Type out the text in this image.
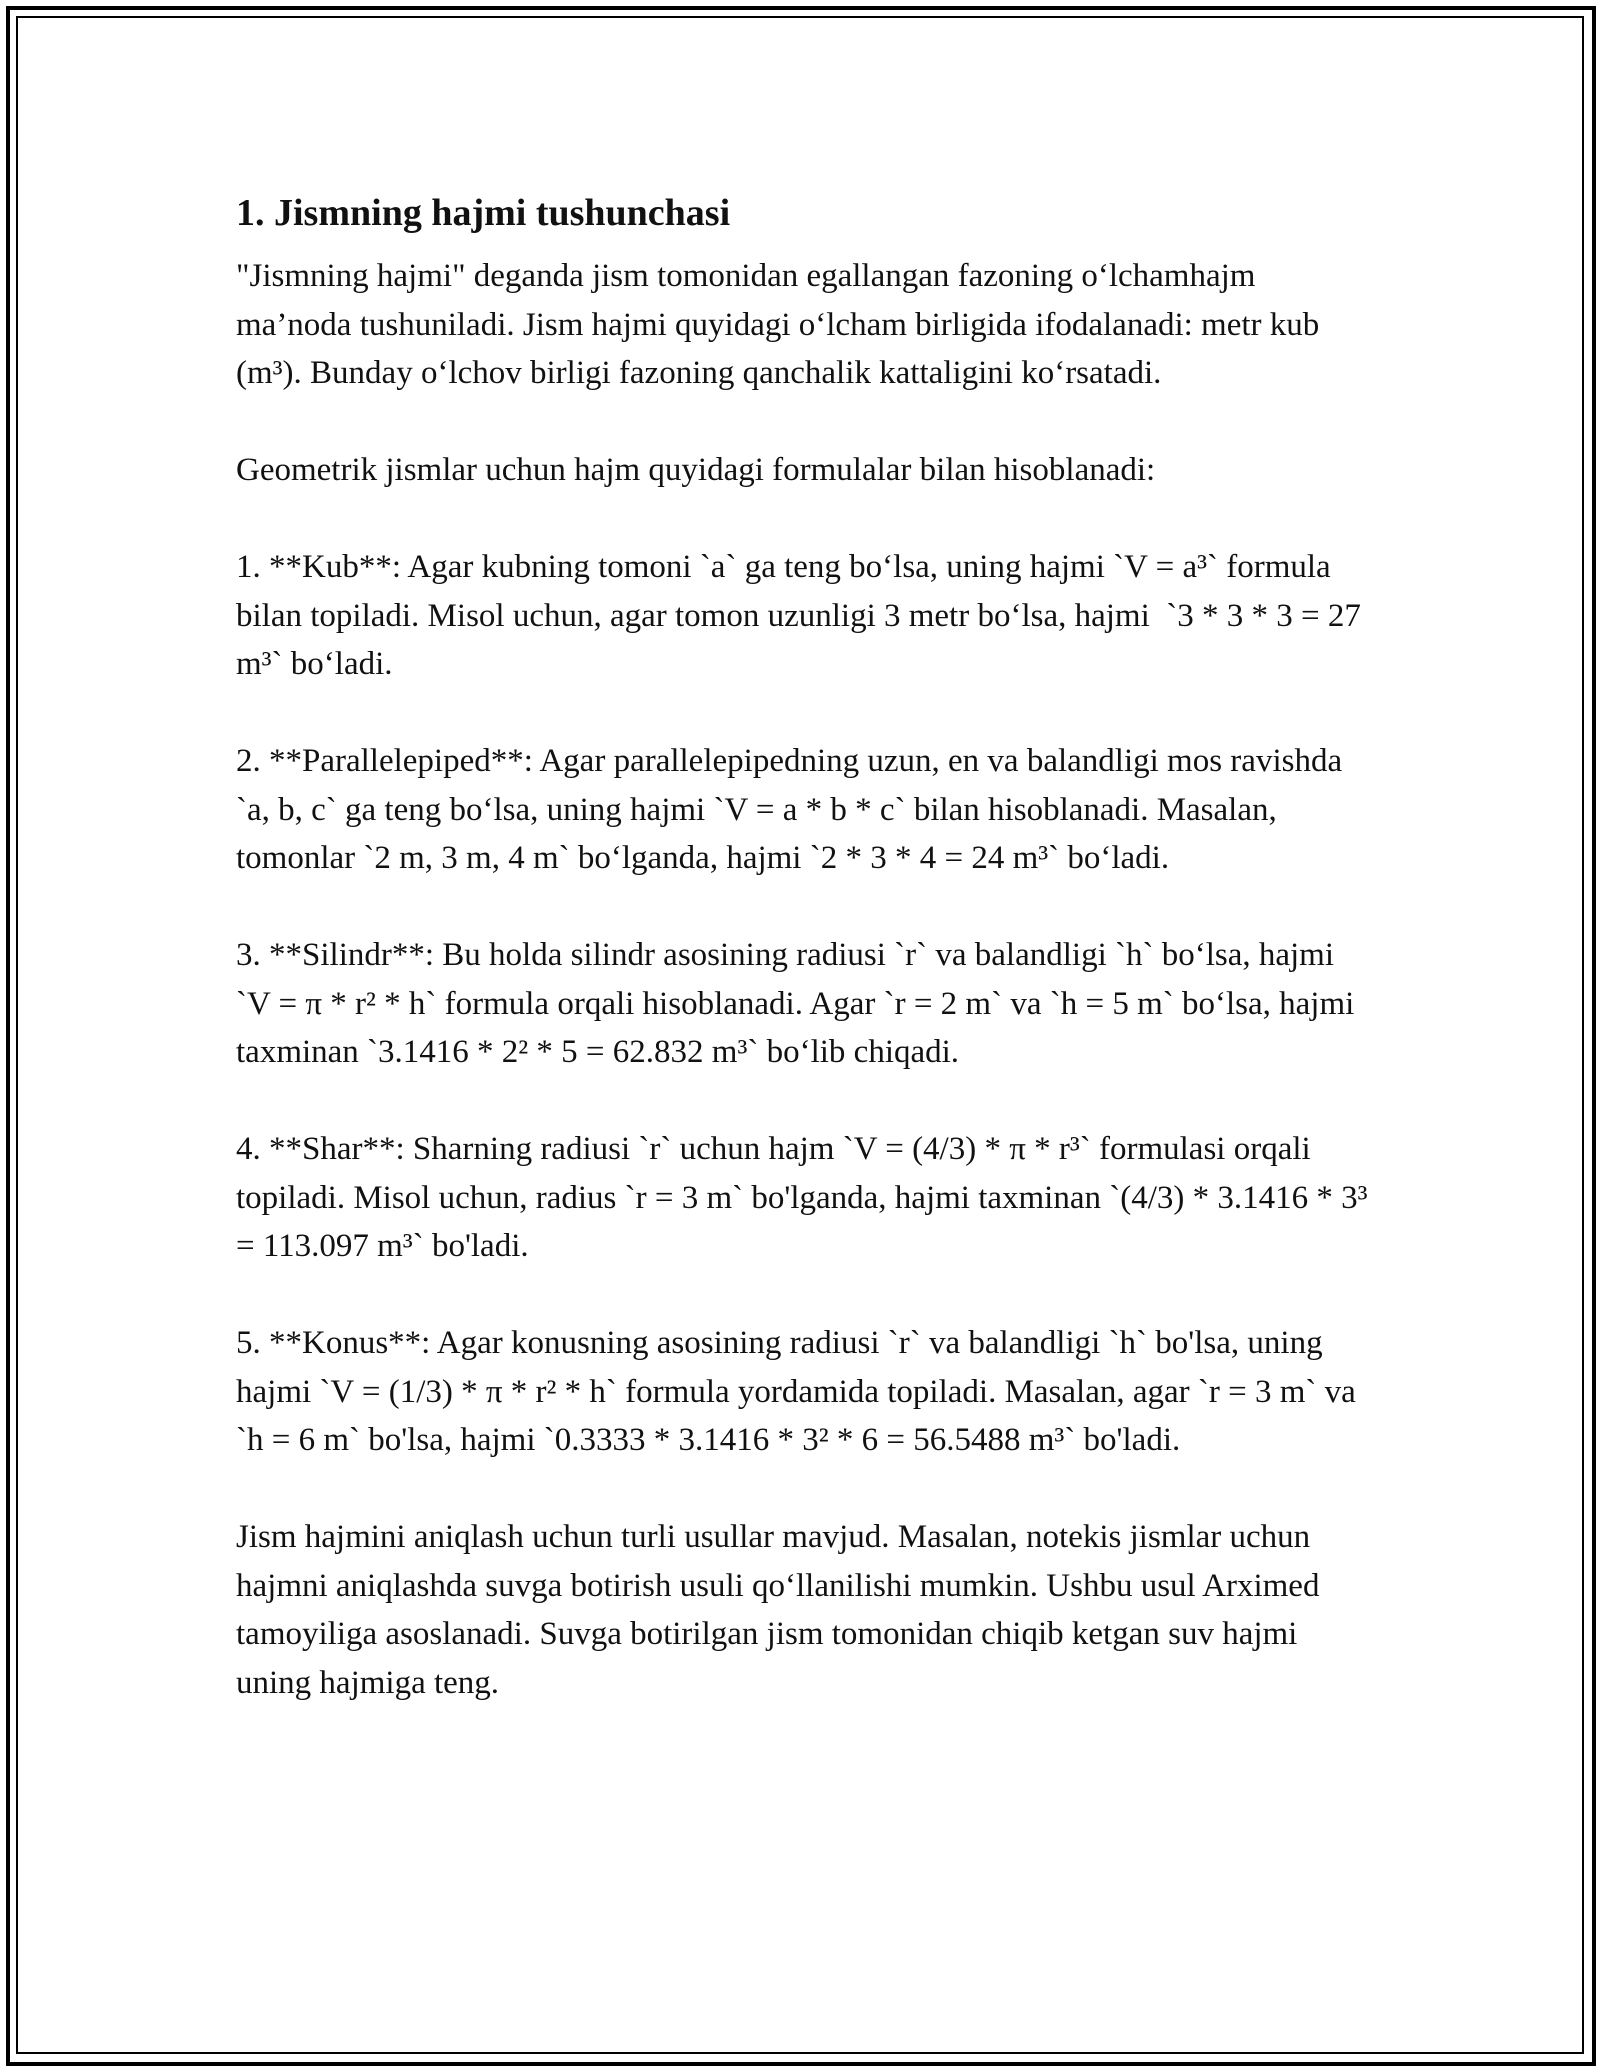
1. Jismning hajmi tushunchasi

"Jismning hajmi" deganda jism tomonidan egallangan fazoning o‘lchamhajm ma’noda tushuniladi. Jism hajmi quyidagi o‘lcham birligida ifodalanadi: metr kub (m³). Bunday o‘lchov birligi fazoning qanchalik kattaligini ko‘rsatadi.

Geometrik jismlar uchun hajm quyidagi formulalar bilan hisoblanadi:

1. **Kub**: Agar kubning tomoni `a` ga teng bo‘lsa, uning hajmi `V = a³` formula bilan topiladi. Misol uchun, agar tomon uzunligi 3 metr bo‘lsa, hajmi  `3 * 3 * 3 = 27 m³` bo‘ladi.

2. **Parallelepiped**: Agar parallelepipedning uzun, en va balandligi mos ravishda `a, b, c` ga teng bo‘lsa, uning hajmi `V = a * b * c` bilan hisoblanadi. Masalan, tomonlar `2 m, 3 m, 4 m` bo‘lganda, hajmi `2 * 3 * 4 = 24 m³` bo‘ladi.

3. **Silindr**: Bu holda silindr asosining radiusi `r` va balandligi `h` bo‘lsa, hajmi `V = π * r² * h` formula orqali hisoblanadi. Agar `r = 2 m` va `h = 5 m` bo‘lsa, hajmi taxminan `3.1416 * 2² * 5 = 62.832 m³` bo‘lib chiqadi.

4. **Shar**: Sharning radiusi `r` uchun hajm `V = (4/3) * π * r³` formulasi orqali topiladi. Misol uchun, radius `r = 3 m` bo'lganda, hajmi taxminan `(4/3) * 3.1416 * 3³ = 113.097 m³` bo'ladi.

5. **Konus**: Agar konusning asosining radiusi `r` va balandligi `h` bo'lsa, uning hajmi `V = (1/3) * π * r² * h` formula yordamida topiladi. Masalan, agar `r = 3 m` va `h = 6 m` bo'lsa, hajmi `0.3333 * 3.1416 * 3² * 6 = 56.5488 m³` bo'ladi.

Jism hajmini aniqlash uchun turli usullar mavjud. Masalan, notekis jismlar uchun hajmni aniqlashda suvga botirish usuli qo‘llanilishi mumkin. Ushbu usul Arximed tamoyiliga asoslanadi. Suvga botirilgan jism tomonidan chiqib ketgan suv hajmi uning hajmiga teng.
